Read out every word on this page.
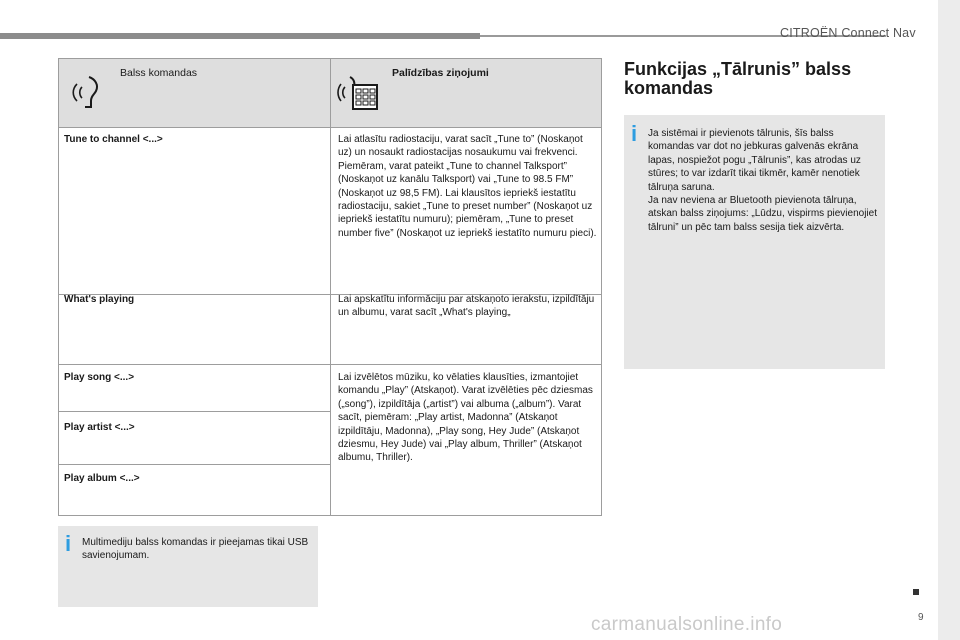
CITROËN Connect Nav
Balss komandas	Palīdzības ziņojumi
Tune to channel <...>	Lai atlasītu radiostaciju, varat sacīt „Tune to” (Noskaņot uz) un nosaukt radiostacijas nosaukumu vai frekvenci. Piemēram, varat pateikt „Tune to channel Talksport” (Noskaņot uz kanālu Talksport) vai „Tune to 98.5 FM” (Noskaņot uz 98,5 FM). Lai klausītos iepriekš iestatītu radiostaciju, sakiet „Tune to preset number” (Noskaņot uz iepriekš iestatītu numuru); piemēram, „Tune to preset number five” (Noskaņot uz iepriekš iestatīto numuru pieci).
What's playing	Lai apskatītu informāciju par atskaņoto ierakstu, izpildītāju un albumu, varat sacīt „What's playing„
Play song <...>	Lai izvēlētos mūziku, ko vēlaties klausīties, izmantojiet komandu „Play” (Atskaņot). Varat izvēlēties pēc dziesmas („song”), izpildītāja („artist”) vai albuma („album”). Varat sacīt, piemēram: „Play artist, Madonna” (Atskaņot izpildītāju, Madonna), „Play song, Hey Jude” (Atskaņot dziesmu, Hey Jude) vai „Play album, Thriller” (Atskaņot albumu, Thriller).
Play artist <...>
Play album <...>
i Multimediju balss komandas ir pieejamas tikai USB savienojumam.
Funkcijas „Tālrunis” balss komandas
i Ja sistēmai ir pievienots tālrunis, šīs balss komandas var dot no jebkuras galvenās ekrāna lapas, nospiežot pogu „Tālrunis”, kas atrodas uz stūres; to var izdarīt tikai tikmēr, kamēr nenotiek tālruņa saruna.
Ja nav neviena ar Bluetooth pievienota tālruņa, atskan balss ziņojums: „Lūdzu, vispirms pievienojiet tālruni” un pēc tam balss sesija tiek aizvērta.
9
carmanualsonline.info
